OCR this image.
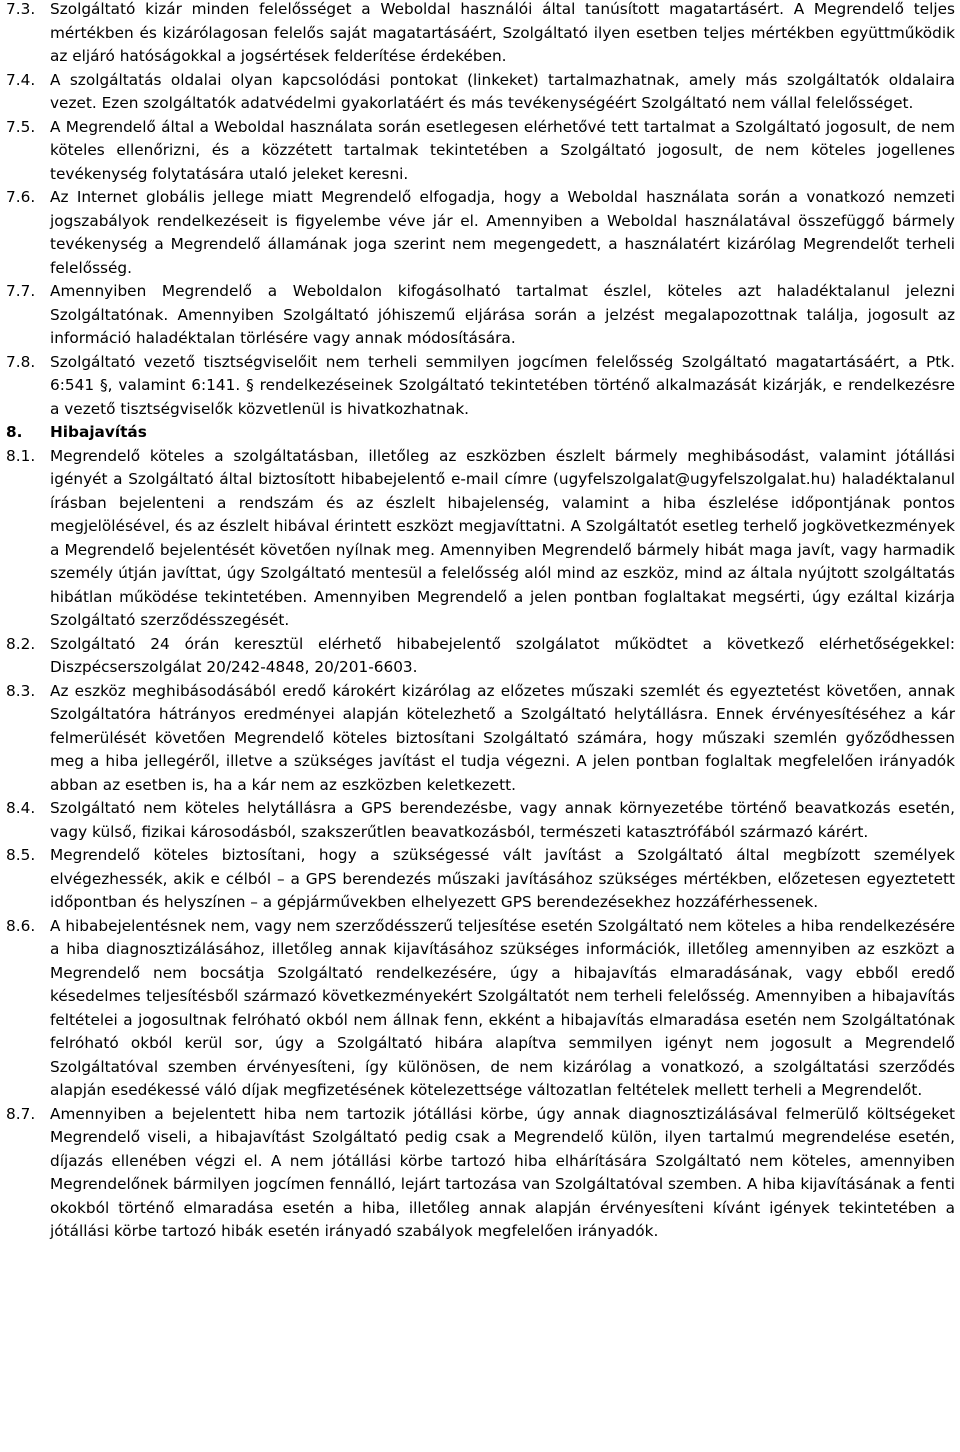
7.3. Szolgáltató kizár minden felelősséget a Weboldal használói által tanúsított magatartásért. A Megrendelő teljes mértékben és kizárólagosan felelős saját magatartásáért, Szolgáltató ilyen esetben teljes mértékben együttműködik az eljáró hatóságokkal a jogsértések felderítése érdekében.
7.4. A szolgáltatás oldalai olyan kapcsolódási pontokat (linkeket) tartalmazhatnak, amely más szolgáltatók oldalaira vezet. Ezen szolgáltatók adatvédelmi gyakorlatáért és más tevékenységéért Szolgáltató nem vállal felelősséget.
7.5. A Megrendelő által a Weboldal használata során esetlegesen elérhetővé tett tartalmat a Szolgáltató jogosult, de nem köteles ellenőrizni, és a közzétett tartalmak tekintetében a Szolgáltató jogosult, de nem köteles jogellenes tevékenység folytatására utaló jeleket keresni.
7.6. Az Internet globális jellege miatt Megrendelő elfogadja, hogy a Weboldal használata során a vonatkozó nemzeti jogszabályok rendelkezéseit is figyelembe véve jár el. Amennyiben a Weboldal használatával összefüggő bármely tevékenység a Megrendelő államának joga szerint nem megengedett, a használatért kizárólag Megrendelőt terheli felelősség.
7.7. Amennyiben Megrendelő a Weboldalon kifogásolható tartalmat észlel, köteles azt haladéktalanul jelezni Szolgáltatónak. Amennyiben Szolgáltató jóhiszemű eljárása során a jelzést megalapozottnak találja, jogosult az információ haladéktalan törlésére vagy annak módosítására.
7.8. Szolgáltató vezető tisztségviselőit nem terheli semmilyen jogcímen felelősség Szolgáltató magatartásáért, a Ptk. 6:541 §, valamint 6:141. § rendelkezéseinek Szolgáltató tekintetében történő alkalmazását kizárják, e rendelkezésre a vezető tisztségviselők közvetlenül is hivatkozhatnak.
8.	Hibajavítás
8.1. Megrendelő köteles a szolgáltatásban, illetőleg az eszközben észlelt bármely meghibásodást, valamint jótállási igényét a Szolgáltató által biztosított hibabejelentő e-mail címre (ugyfelszolgalat@ugyfelszolgalat.hu) haladéktalanul írásban bejelenteni a rendszám és az észlelt hibajelenség, valamint a hiba észlelése időpontjának pontos megjelölésével, és az észlelt hibával érintett eszközt megjavíttatni. A Szolgáltatót esetleg terhelő jogkövetkezmények a Megrendelő bejelentését követően nyílnak meg. Amennyiben Megrendelő bármely hibát maga javít, vagy harmadik személy útján javíttat, úgy Szolgáltató mentesül a felelősség alól mind az eszköz, mind az általa nyújtott szolgáltatás hibátlan működése tekintetében. Amennyiben Megrendelő a jelen pontban foglaltakat megsérti, úgy ezáltal kizárja Szolgáltató szerződésszegését.
8.2. Szolgáltató 24 órán keresztül elérhető hibabejelentő szolgálatot működtet a következő elérhetőségekkel: Diszpécserszolgálat 20/242-4848, 20/201-6603.
8.3. Az eszköz meghibásodásából eredő károkért kizárólag az előzetes műszaki szemlét és egyeztetést követően, annak Szolgáltatóra hátrányos eredményei alapján kötelezhető a Szolgáltató helytállásra. Ennek érvényesítéséhez a kár felmerülését követően Megrendelő köteles biztosítani Szolgáltató számára, hogy műszaki szemlén győződhessen meg a hiba jellegéről, illetve a szükséges javítást el tudja végezni. A jelen pontban foglaltak megfelelően irányadók abban az esetben is, ha a kár nem az eszközben keletkezett.
8.4. Szolgáltató nem köteles helytállásra a GPS berendezésbe, vagy annak környezetébe történő beavatkozás esetén, vagy külső, fizikai károsodásból, szakszerűtlen beavatkozásból, természeti katasztrófából származó kárért.
8.5. Megrendelő köteles biztosítani, hogy a szükségessé vált javítást a Szolgáltató által megbízott személyek elvégezhessék, akik e célból – a GPS berendezés műszaki javításához szükséges mértékben, előzetesen egyeztetett időpontban és helyszínen – a gépjárművekben elhelyezett GPS berendezésekhez hozzáférhessenek.
8.6. A hibabejelentésnek nem, vagy nem szerződésszerű teljesítése esetén Szolgáltató nem köteles a hiba rendelkezésére a hiba diagnosztizálásához, illetőleg annak kijavításához szükséges információk, illetőleg amennyiben az eszközt a Megrendelő nem bocsátja Szolgáltató rendelkezésére, úgy a hibajavítás elmaradásának, vagy ebből eredő késedelmes teljesítésből származó következményekért Szolgáltatót nem terheli felelősség. Amennyiben a hibajavítás feltételei a jogosultnak felróható okból nem állnak fenn, ekként a hibajavítás elmaradása esetén nem Szolgáltatónak felróható okból kerül sor, úgy a Szolgáltató hibára alapítva semmilyen igényt nem jogosult a Megrendelő Szolgáltatóval szemben érvényesíteni, így különösen, de nem kizárólag a vonatkozó, a szolgáltatási szerződés alapján esedékessé váló díjak megfizetésének kötelezettsége változatlan feltételek mellett terheli a Megrendelőt.
8.7. Amennyiben a bejelentett hiba nem tartozik jótállási körbe, úgy annak diagnosztizálásával felmerülő költségeket Megrendelő viseli, a hibajavítást Szolgáltató pedig csak a Megrendelő külön, ilyen tartalmú megrendelése esetén, díjazás ellenében végzi el. A nem jótállási körbe tartozó hiba elhárítására Szolgáltató nem köteles, amennyiben Megrendelőnek bármilyen jogcímen fennálló, lejárt tartozása van Szolgáltatóval szemben. A hiba kijavításának a fenti okokból történő elmaradása esetén a hiba, illetőleg annak alapján érvényesíteni kívánt igények tekintetében a jótállási körbe tartozó hibák esetén irányadó szabályok megfelelően irányadók.
